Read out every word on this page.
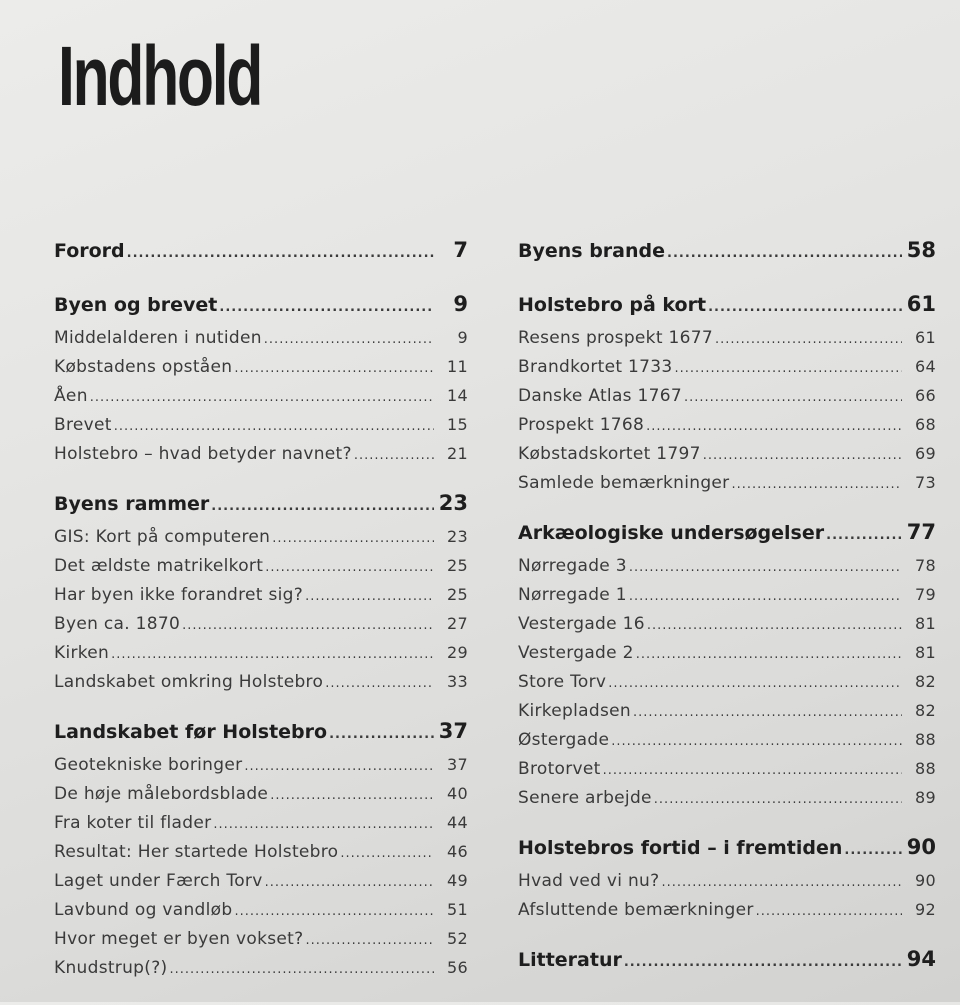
Indhold
Forord .....	7
Byen og brevet .....	9
Middelalderen i nutiden .....	9
Købstadens opståen .....	11
Åen .....	14
Brevet .....	15
Holstebro – hvad betyder navnet? .....	21
Byens rammer .....	23
GIS: Kort på computeren .....	23
Det ældste matrikelkort .....	25
Har byen ikke forandret sig? .....	25
Byen ca. 1870 .....	27
Kirken .....	29
Landskabet omkring Holstebro .....	33
Landskabet før Holstebro .....	37
Geotekniske boringer .....	37
De høje målebordsblade .....	40
Fra koter til flader .....	44
Resultat: Her startede Holstebro .....	46
Laget under Færch Torv .....	49
Lavbund og vandløb .....	51
Hvor meget er byen vokset? .....	52
Knudstrup(?) .....	56
Byens brande .....	58
Holstebro på kort .....	61
Resens prospekt 1677 .....	61
Brandkortet 1733 .....	64
Danske Atlas 1767 .....	66
Prospekt 1768 .....	68
Købstadskortet 1797 .....	69
Samlede bemærkninger .....	73
Arkæologiske undersøgelser .....	77
Nørregade 3 .....	78
Nørregade 1 .....	79
Vestergade 16 .....	81
Vestergade 2 .....	81
Store Torv .....	82
Kirkepladsen .....	82
Østergade .....	88
Brotorvet .....	88
Senere arbejde .....	89
Holstebros fortid – i fremtiden .....	90
Hvad ved vi nu? .....	90
Afsluttende bemærkninger .....	92
Litteratur .....	94
